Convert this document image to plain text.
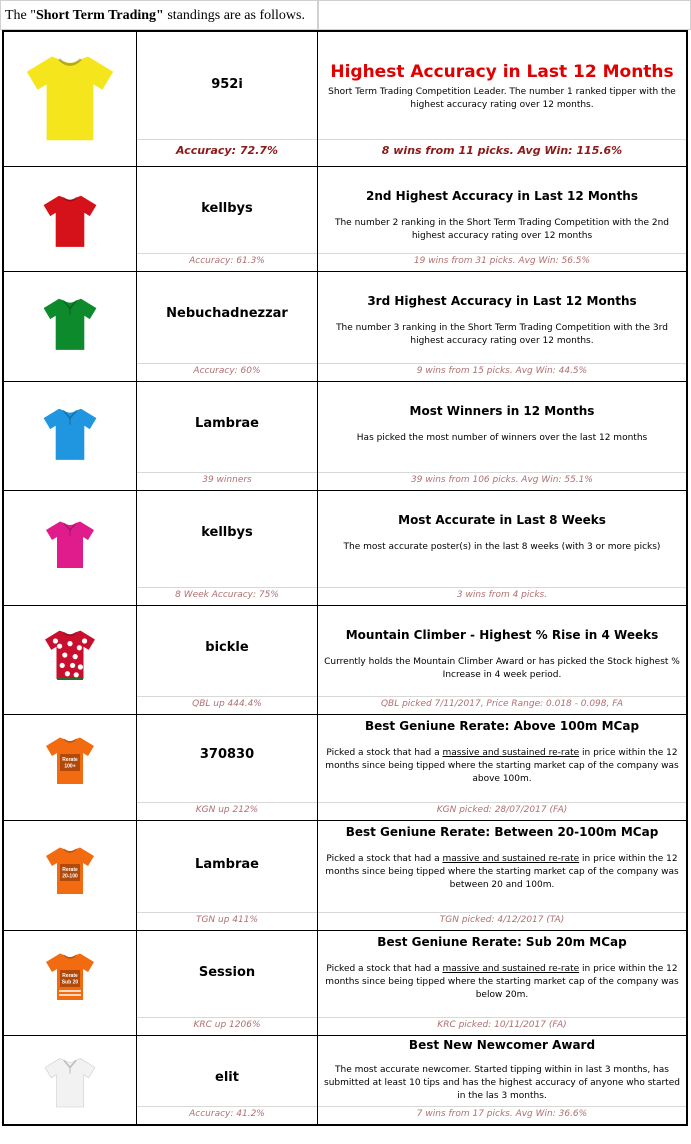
The "Short Term Trading" standings are as follows.
952i
Accuracy: 72.7%
Highest Accuracy in Last 12 Months
Short Term Trading Competition Leader. The number 1 ranked tipper with the highest accuracy rating over 12 months.
8 wins from 11 picks. Avg Win: 115.6%
kellbys
Accuracy: 61.3%
2nd Highest Accuracy in Last 12 Months
The number 2 ranking in the Short Term Trading Competition with the 2nd highest accuracy rating over 12 months
19 wins from 31 picks. Avg Win: 56.5%
Nebuchadnezzar
Accuracy: 60%
3rd Highest Accuracy in Last 12 Months
The number 3 ranking in the Short Term Trading Competition with the 3rd highest accuracy rating over 12 months.
9 wins from 15 picks. Avg Win: 44.5%
Lambrae
39 winners
Most Winners in 12 Months
Has picked the most number of winners over the last 12 months
39 wins from 106 picks. Avg Win: 55.1%
kellbys
8 Week Accuracy: 75%
Most Accurate in Last 8 Weeks
The most accurate poster(s) in the last 8 weeks (with 3 or more picks)
3 wins from 4 picks.
bickle
QBL up 444.4%
Mountain Climber - Highest % Rise in 4 Weeks
Currently holds the Mountain Climber Award or has picked the Stock highest % Increase in 4 week period.
QBL picked 7/11/2017, Price Range: 0.018 - 0.098, FA
Rerate
100+
370830
KGN up 212%
Best Geniune Rerate: Above 100m MCap
Picked a stock that had a massive and sustained re-rate in price within the 12 months since being tipped where the starting market cap of the company was above 100m.
KGN picked: 28/07/2017 (FA)
Rerate
20-100
Lambrae
TGN up 411%
Best Geniune Rerate: Between 20-100m MCap
Picked a stock that had a massive and sustained re-rate in price within the 12 months since being tipped where the starting market cap of the company was between 20 and 100m.
TGN picked: 4/12/2017 (TA)
Rerate
Sub 20
Session
KRC up 1206%
Best Geniune Rerate: Sub 20m MCap
Picked a stock that had a massive and sustained re-rate in price within the 12 months since being tipped where the starting market cap of the company was below 20m.
KRC picked: 10/11/2017 (FA)
elit
Accuracy: 41.2%
Best New Newcomer Award
The most accurate newcomer. Started tipping within in last 3 months, has submitted at least 10 tips and has the highest accuracy of anyone who started in the las 3 months.
7 wins from 17 picks. Avg Win: 36.6%
